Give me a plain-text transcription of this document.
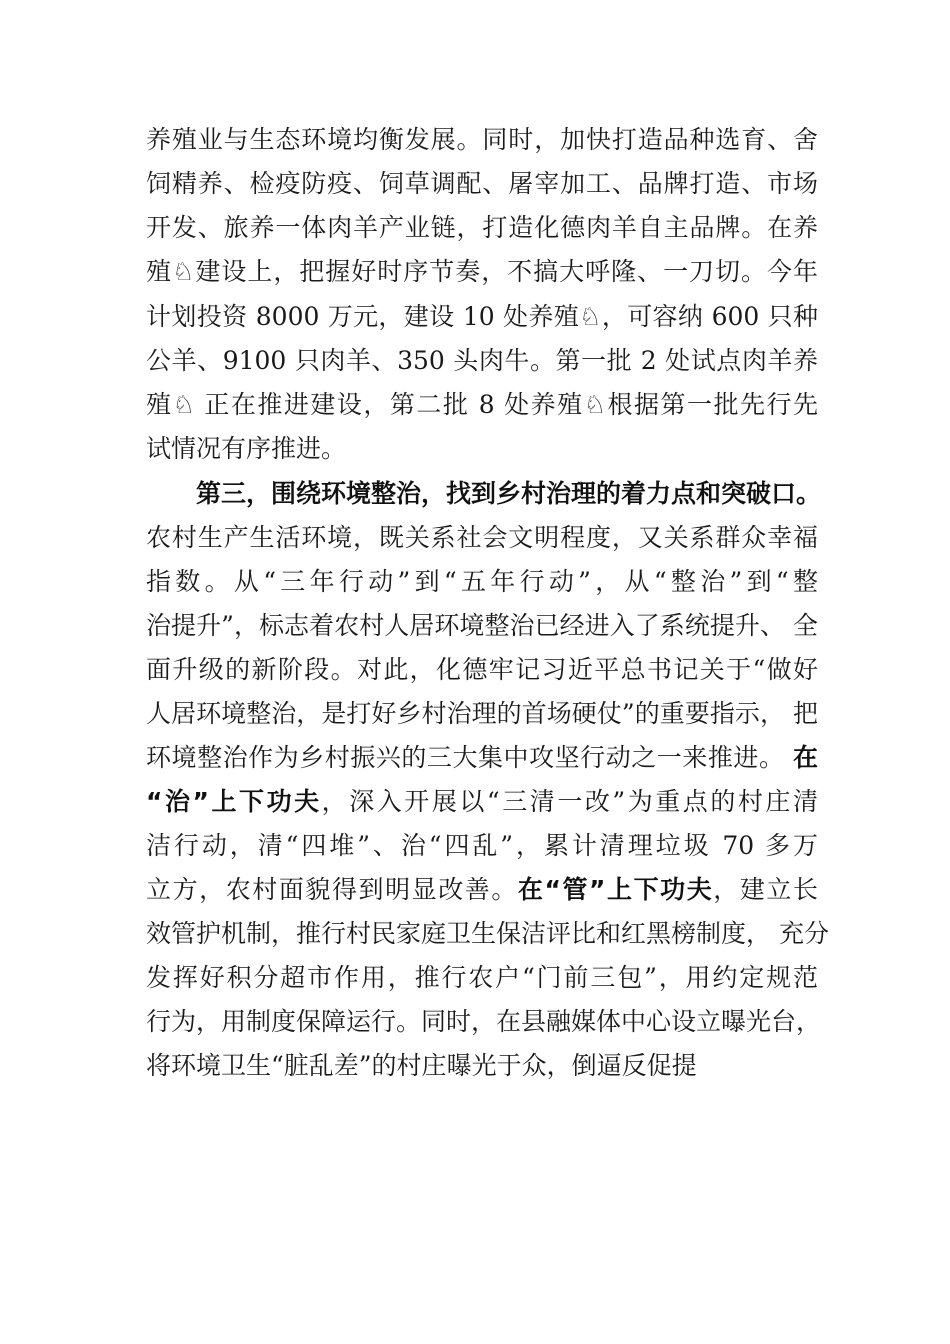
养殖业与生态环境均衡发展。同时，加快打造品种选育、舍
饲精养、检疫防疫、饲草调配、屠宰加工、品牌打造、市场
开发、旅养一体肉羊产业链，打造化德肉羊自主品牌。在养
殖♘建设上，把握好时序节奏，不搞大呼隆、一刀切。今年
计划投资 8000 万元，建设 10 处养殖♘，可容纳 600 只种
公羊、9100 只肉羊、350 头肉牛。第一批 2 处试点肉羊养
殖♘ 正在推进建设，第二批 8 处养殖♘根据第一批先行先
试情况有序推进。
第三，围绕环境整治，找到乡村治理的着力点和突破口。
农村生产生活环境，既关系社会文明程度，又关系群众幸福
指数。从“三年行动”到“五年行动”，从“整治”到“整
治提升”，标志着农村人居环境整治已经进入了系统提升、 全
面升级的新阶段。对此，化德牢记习近平总书记关于“做好
人居环境整治，是打好乡村治理的首场硬仗”的重要指示， 把
环境整治作为乡村振兴的三大集中攻坚行动之一来推进。 在
“治”上下功夫，深入开展以“三清一改”为重点的村庄清
洁行动，清“四堆”、治“四乱”，累计清理垃圾 70 多万
立方，农村面貌得到明显改善。在“管”上下功夫，建立长
效管护机制，推行村民家庭卫生保洁评比和红黑榜制度， 充分
发挥好积分超市作用，推行农户“门前三包”，用约定规范
行为，用制度保障运行。同时，在县融媒体中心设立曝光台，
将环境卫生“脏乱差”的村庄曝光于众，倒逼反促提
